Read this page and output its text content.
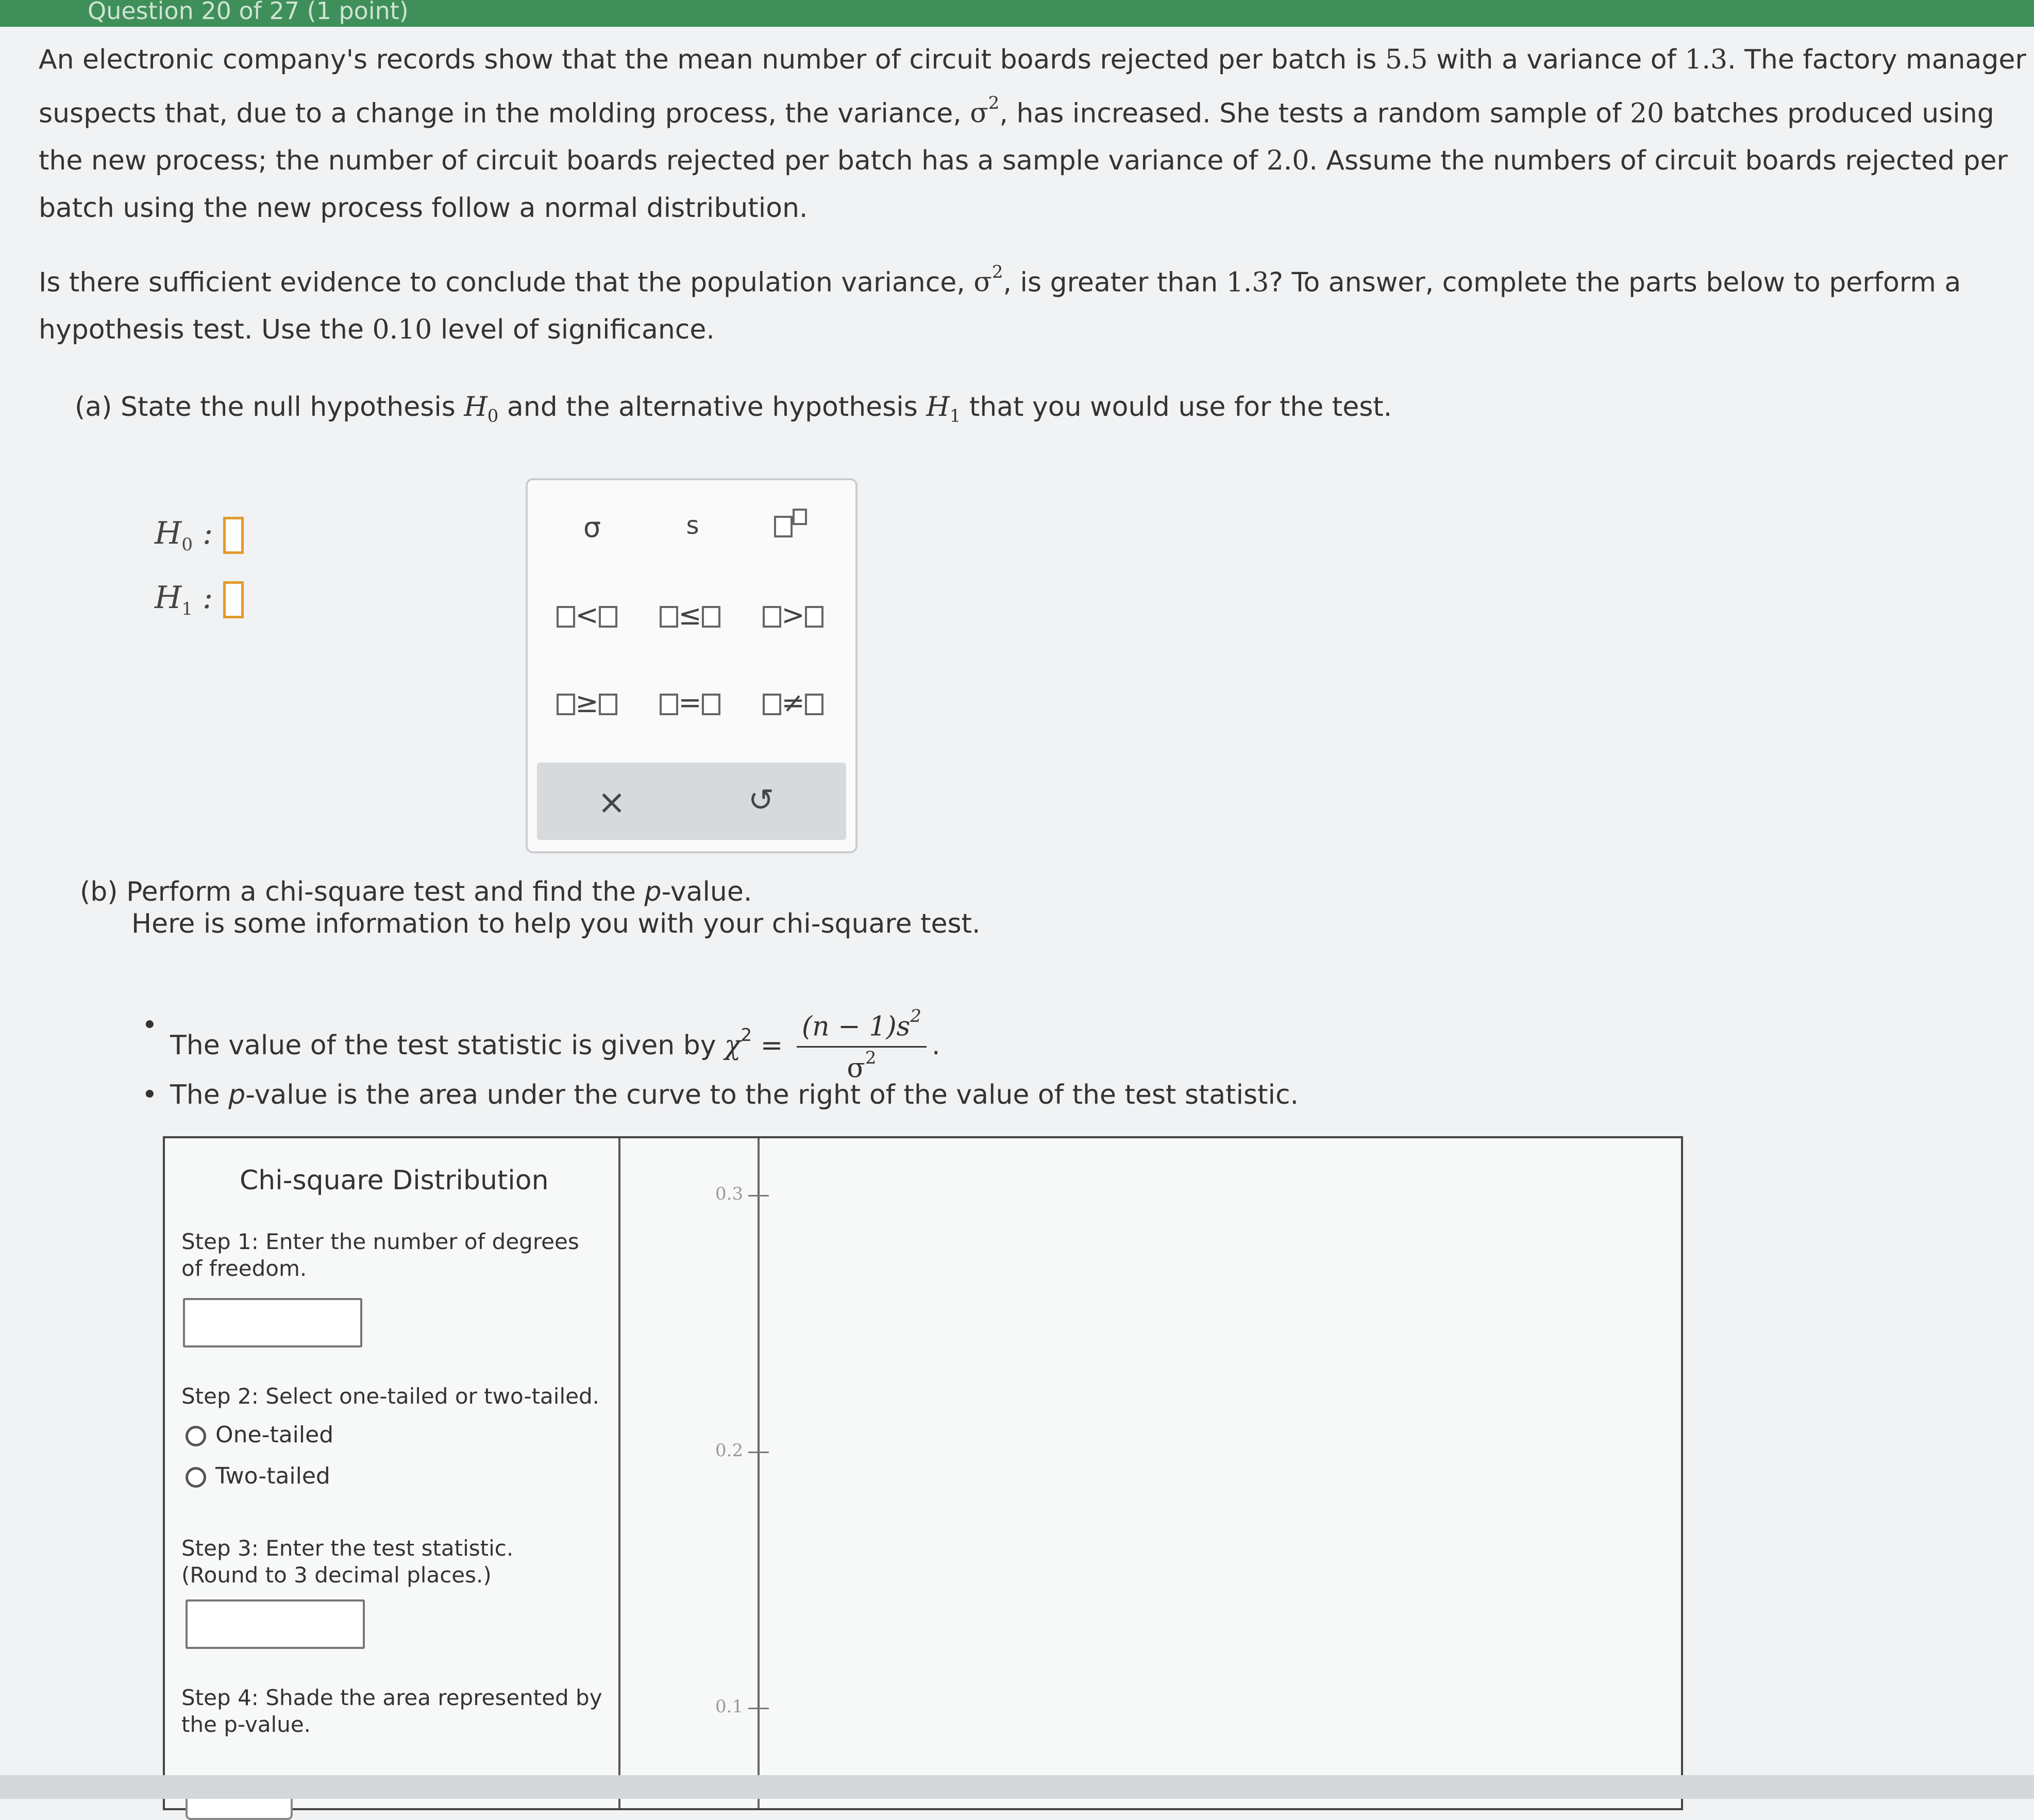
Question 20 of 27 (1 point)
An electronic company's records show that the mean number of circuit boards rejected per batch is 5.5 with a variance of 1.3. The factory manager suspects that, due to a change in the molding process, the variance, $\sigma^2$, has increased. She tests a random sample of 20 batches produced using the new process; the number of circuit boards rejected per batch has a sample variance of 2.0. Assume the numbers of circuit boards rejected per batch using the new process follow a normal distribution.
Is there sufficient evidence to conclude that the population variance, $\sigma^2$, is greater than 1.3? To answer, complete the parts below to perform a hypothesis test. Use the 0.10 level of significance.
(a) State the null hypothesis $H_0$ and the alternative hypothesis $H_1$ that you would use for the test.
$H_0$ :
$H_1$ :
σ	s
<	≤	>
≥	=	≠
×	↺
(b) Perform a chi-square test and find the p-value.
Here is some information to help you with your chi-square test.
• The value of the test statistic is given by $\chi^2 = \frac{(n - 1)s^2}{\sigma^2}$ .
• The p-value is the area under the curve to the right of the value of the test statistic.
Chi-square Distribution
Step 1: Enter the number of degrees of freedom.
Step 2: Select one-tailed or two-tailed.
One-tailed
Two-tailed
Step 3: Enter the test statistic.
(Round to 3 decimal places.)
Step 4: Shade the area represented by
the p-value.
0.3
0.2
0.1
